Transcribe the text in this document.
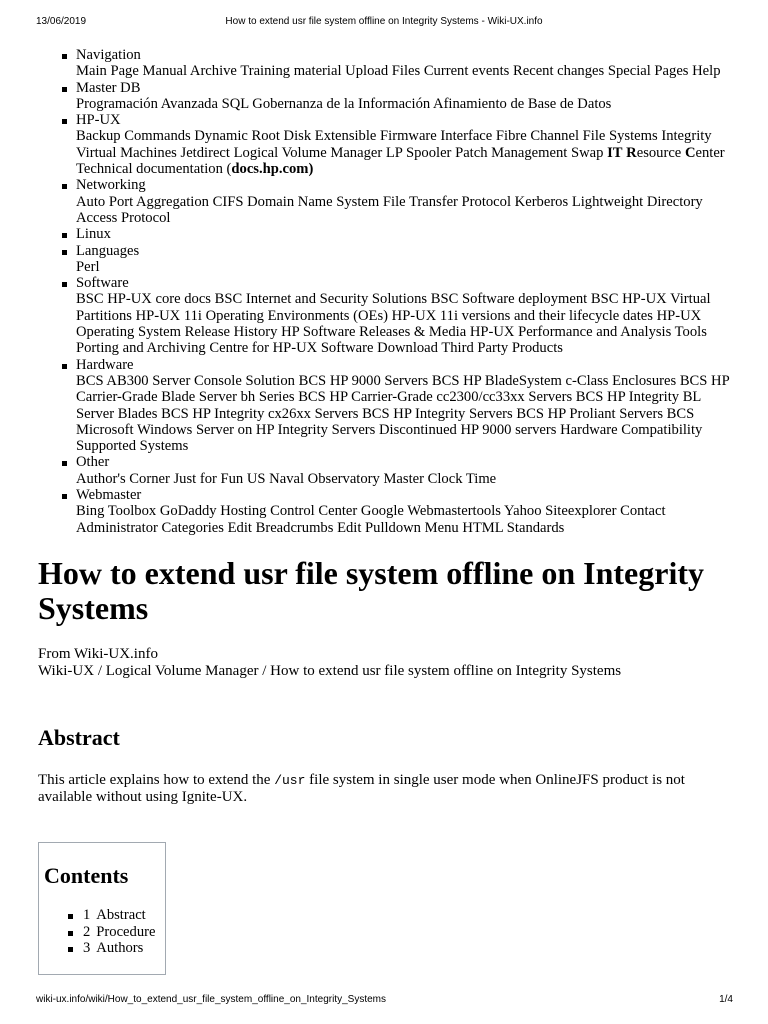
13/06/2019	How to extend usr file system offline on Integrity Systems - Wiki-UX.info
Navigation
Main Page Manual Archive Training material Upload Files Current events Recent changes Special Pages Help
Master DB
Programación Avanzada SQL Gobernanza de la Información Afinamiento de Base de Datos
HP-UX
Backup Commands Dynamic Root Disk Extensible Firmware Interface Fibre Channel File Systems Integrity Virtual Machines Jetdirect Logical Volume Manager LP Spooler Patch Management Swap IT Resource Center Technical documentation (docs.hp.com)
Networking
Auto Port Aggregation CIFS Domain Name System File Transfer Protocol Kerberos Lightweight Directory Access Protocol
Linux
Languages
Perl
Software
BSC HP-UX core docs BSC Internet and Security Solutions BSC Software deployment BSC HP-UX Virtual Partitions HP-UX 11i Operating Environments (OEs) HP-UX 11i versions and their lifecycle dates HP-UX Operating System Release History HP Software Releases & Media HP-UX Performance and Analysis Tools Porting and Archiving Centre for HP-UX Software Download Third Party Products
Hardware
BCS AB300 Server Console Solution BCS HP 9000 Servers BCS HP BladeSystem c-Class Enclosures BCS HP Carrier-Grade Blade Server bh Series BCS HP Carrier-Grade cc2300/cc33xx Servers BCS HP Integrity BL Server Blades BCS HP Integrity cx26xx Servers BCS HP Integrity Servers BCS HP Proliant Servers BCS Microsoft Windows Server on HP Integrity Servers Discontinued HP 9000 servers Hardware Compatibility Supported Systems
Other
Author's Corner Just for Fun US Naval Observatory Master Clock Time
Webmaster
Bing Toolbox GoDaddy Hosting Control Center Google Webmastertools Yahoo Siteexplorer Contact Administrator Categories Edit Breadcrumbs Edit Pulldown Menu HTML Standards
How to extend usr file system offline on Integrity Systems
From Wiki-UX.info
Wiki-UX / Logical Volume Manager / How to extend usr file system offline on Integrity Systems
Abstract
This article explains how to extend the /usr file system in single user mode when OnlineJFS product is not available without using Ignite-UX.
Contents
1 Abstract
2 Procedure
3 Authors
wiki-ux.info/wiki/How_to_extend_usr_file_system_offline_on_Integrity_Systems	1/4
